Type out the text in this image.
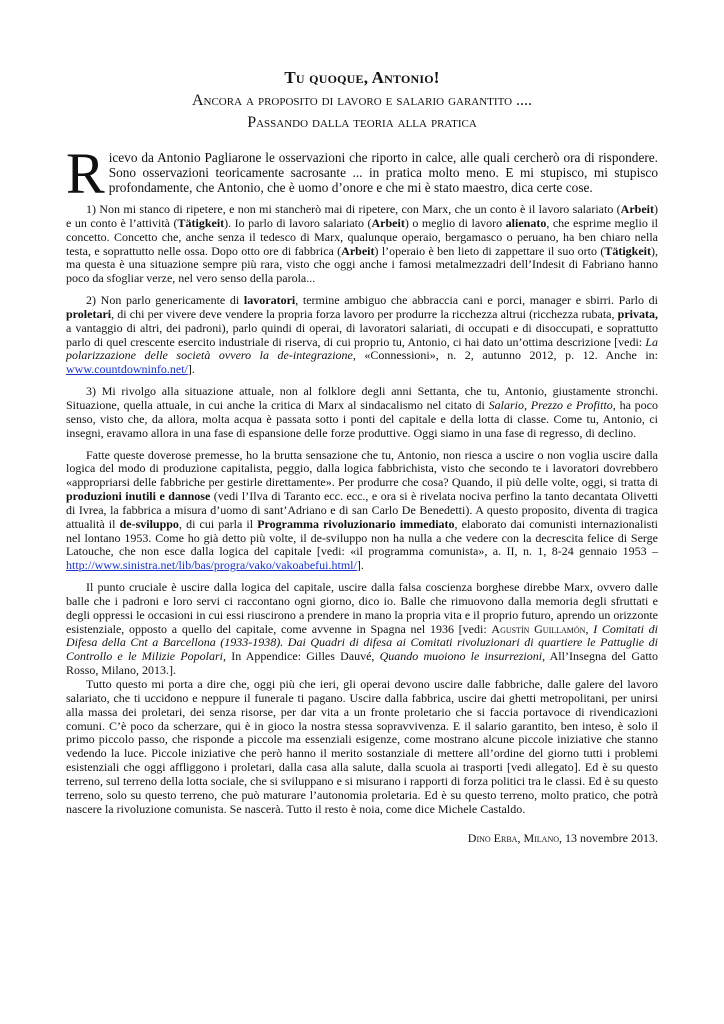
Tu quoque, Antonio!
Ancora a proposito di lavoro e salario garantito ....
Passando dalla teoria alla pratica
Ricevo da Antonio Pagliarone le osservazioni che riporto in calce, alle quali cercherò ora di rispondere. Sono osservazioni teoricamente sacrosante ... in pratica molto meno. E mi stupisco, mi stupisco profondamente, che Antonio, che è uomo d’onore e che mi è stato maestro, dica certe cose.

1) Non mi stanco di ripetere, e non mi stancherò mai di ripetere, con Marx, che un conto è il lavoro salariato (Arbeit) e un conto è l’attività (Tätigkeit). Io parlo di lavoro salariato (Arbeit) o meglio di lavoro alienato, che esprime meglio il concetto. Concetto che, anche senza il tedesco di Marx, qualunque operaio, bergamasco o peruano, ha ben chiaro nella testa, e soprattutto nelle ossa. Dopo otto ore di fabbrica (Arbeit) l’operaio è ben lieto di zappettare il suo orto (Tätigkeit), ma questa è una situazione sempre più rara, visto che oggi anche i famosi metalmezzadri dell’Indesit di Fabriano hanno poco da sfogliar verze, nel vero senso della parola...

2) Non parlo genericamente di lavoratori, termine ambiguo che abbraccia cani e porci, manager e sbirri. Parlo di proletari, di chi per vivere deve vendere la propria forza lavoro per produrre la ricchezza altrui (ricchezza rubata, privata, a vantaggio di altri, dei padroni), parlo quindi di operai, di lavoratori salariati, di occupati e di disoccupati, e soprattutto parlo di quel crescente esercito industriale di riserva, di cui proprio tu, Antonio, ci hai dato un’ottima descrizione [vedi: La polarizzazione delle società ovvero la de-integrazione, «Connessioni», n. 2, autunno 2012, p. 12. Anche in: www.countdowninfo.net/].

3) Mi rivolgo alla situazione attuale, non al folklore degli anni Settanta, che tu, Antonio, giustamente stronchi. Situazione, quella attuale, in cui anche la critica di Marx al sindacalismo nel citato di Salario, Prezzo e Profitto, ha poco senso, visto che, da allora, molta acqua è passata sotto i ponti del capitale e della lotta di classe. Come tu, Antonio, ci insegni, eravamo allora in una fase di espansione delle forze produttive. Oggi siamo in una fase di regresso, di declino.

Fatte queste doverose premesse, ho la brutta sensazione che tu, Antonio, non riesca a uscire o non voglia uscire dalla logica del modo di produzione capitalista, peggio, dalla logica fabbrichista, visto che secondo te i lavoratori dovrebbero «appropriarsi delle fabbriche per gestirle direttamente». Per produrre che cosa? Quando, il più delle volte, oggi, si tratta di produzioni inutili e dannose (vedi l’Ilva di Taranto ecc. ecc., e ora si è rivelata nociva perfino la tanto decantata Olivetti di Ivrea, la fabbrica a misura d’uomo di sant’Adriano e di san Carlo De Benedetti). A questo proposito, diventa di tragica attualità il de-sviluppo, di cui parla il Programma rivoluzionario immediato, elaborato dai comunisti internazionalisti nel lontano 1953. Come ho già detto più volte, il de-sviluppo non ha nulla a che vedere con la decrescita felice di Serge Latouche, che non esce dalla logica del capitale [vedi: «il programma comunista», a. II, n. 1, 8-24 gennaio 1953 – http://www.sinistra.net/lib/bas/progra/vako/vakoabefui.html/].

Il punto cruciale è uscire dalla logica del capitale, uscire dalla falsa coscienza borghese direbbe Marx, ovvero dalle balle che i padroni e loro servi ci raccontano ogni giorno, dico io. Balle che rimuovono dalla memoria degli sfruttati e degli oppressi le occasioni in cui essi riuscirono a prendere in mano la propria vita e il proprio futuro, aprendo un orizzonte esistenziale, opposto a quello del capitale, come avvenne in Spagna nel 1936 [vedi: Agustín Guillamón, I Comitati di Difesa della Cnt a Barcellona (1933-1938). Dai Quadri di difesa ai Comitati rivoluzionari di quartiere le Pattuglie di Controllo e le Milizie Popolari, In Appendice: Gilles Dauvé, Quando muoiono le insurrezioni, All’Insegna del Gatto Rosso, Milano, 2013.].

Tutto questo mi porta a dire che, oggi più che ieri, gli operai devono uscire dalle fabbriche, dalle galere del lavoro salariato, che ti uccidono e neppure il funerale ti pagano. Uscire dalla fabbrica, uscire dai ghetti metropolitani, per unirsi alla massa dei proletari, dei senza risorse, per dar vita a un fronte proletario che si faccia portavoce di rivendicazioni comuni. C’è poco da scherzare, qui è in gioco la nostra stessa sopravvivenza. E il salario garantito, ben inteso, è solo il primo piccolo passo, che risponde a piccole ma essenziali esigenze, come mostrano alcune piccole iniziative che stanno vedendo la luce. Piccole iniziative che però hanno il merito sostanziale di mettere all’ordine del giorno tutti i problemi esistenziali che oggi affliggono i proletari, dalla casa alla salute, dalla scuola ai trasporti [vedi allegato]. Ed è su questo terreno, sul terreno della lotta sociale, che si sviluppano e si misurano i rapporti di forza politici tra le classi. Ed è su questo terreno, solo su questo terreno, che può maturare l’autonomia proletaria. Ed è su questo terreno, molto pratico, che potrà nascere la rivoluzione comunista. Se nascerà. Tutto il resto è noia, come dice Michele Castaldo.

Dino Erba, Milano, 13 novembre 2013.
